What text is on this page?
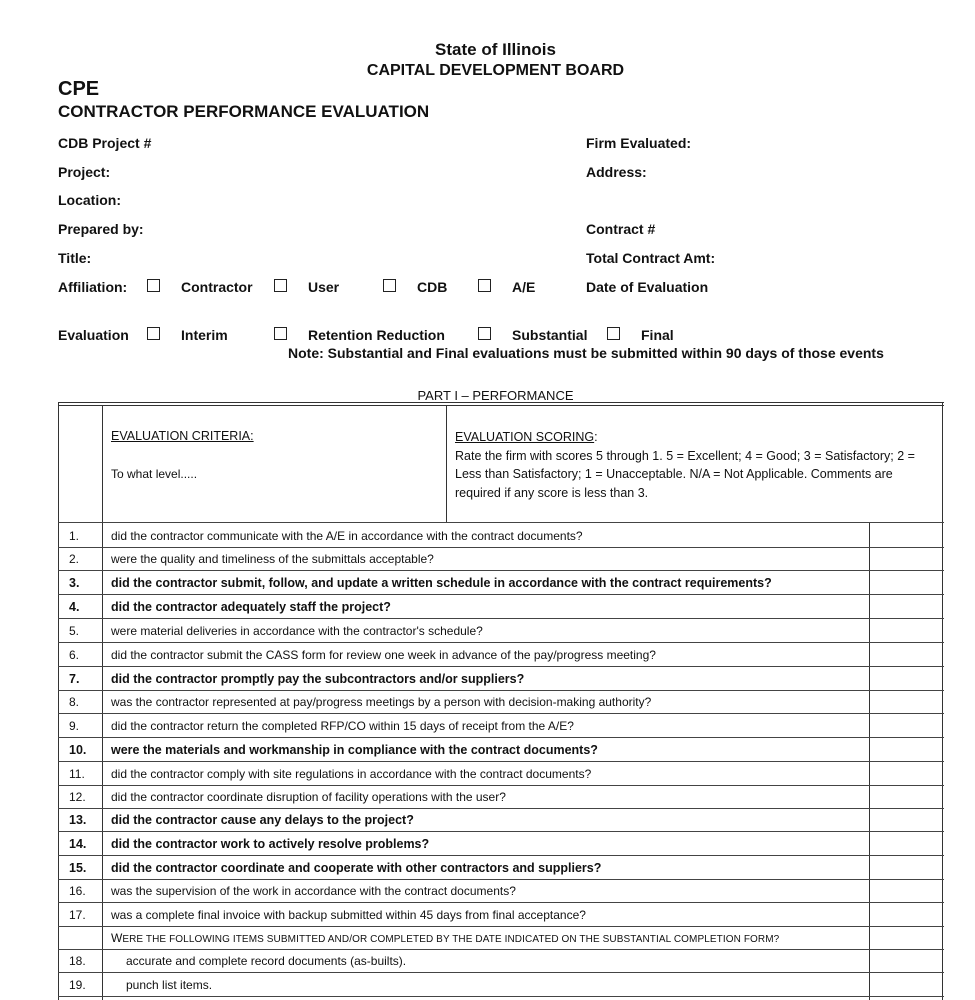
State of Illinois
CAPITAL DEVELOPMENT BOARD
CPE
CONTRACTOR PERFORMANCE EVALUATION
CDB Project #
Project:
Location:
Prepared by:
Title:
Affiliation:	Contractor	User	CDB	A/E
Firm Evaluated:
Address:
Contract #
Total Contract Amt:
Date of Evaluation
Evaluation	Interim	Retention Reduction	Substantial	Final
Note: Substantial and Final evaluations must be submitted within 90 days of those events
PART I – PERFORMANCE
EVALUATION CRITERIA:
To what level.....
EVALUATION SCORING:
Rate the firm with scores 5 through 1. 5 = Excellent; 4 = Good; 3 = Satisfactory; 2 = Less than Satisfactory; 1 = Unacceptable. N/A = Not Applicable. Comments are required if any score is less than 3.
1.	did the contractor communicate with the A/E in accordance with the contract documents?
2.	were the quality and timeliness of the submittals acceptable?
3.	did the contractor submit, follow, and update a written schedule in accordance with the contract requirements?
4.	did the contractor adequately staff the project?
5.	were material deliveries in accordance with the contractor's schedule?
6.	did the contractor submit the CASS form for review one week in advance of the pay/progress meeting?
7.	did the contractor promptly pay the subcontractors and/or suppliers?
8.	was the contractor represented at pay/progress meetings by a person with decision-making authority?
9.	did the contractor return the completed RFP/CO within 15 days of receipt from the A/E?
10. were the materials and workmanship in compliance with the contract documents?
11. did the contractor comply with site regulations in accordance with the contract documents?
12. did the contractor coordinate disruption of facility operations with the user?
13. did the contractor cause any delays to the project?
14. did the contractor work to actively resolve problems?
15. did the contractor coordinate and cooperate with other contractors and suppliers?
16. was the supervision of the work in accordance with the contract documents?
17. was a complete final invoice with backup submitted within 45 days from final acceptance?
WERE THE FOLLOWING ITEMS SUBMITTED AND/OR COMPLETED BY THE DATE INDICATED ON THE SUBSTANTIAL COMPLETION FORM?
18.	accurate and complete record documents (as-builts).
19.	punch list items.
